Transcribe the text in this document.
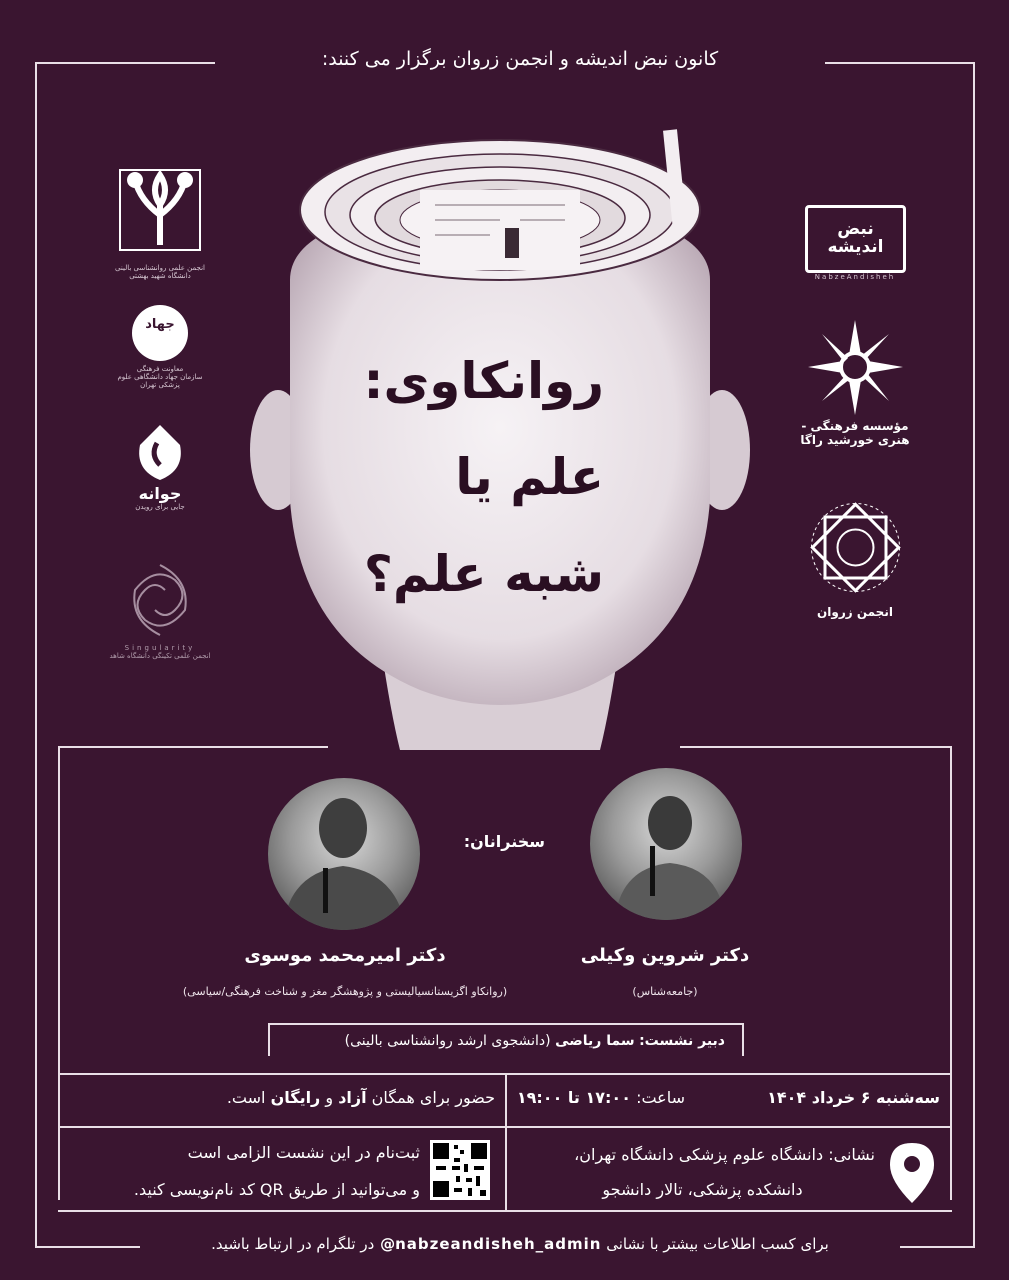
کانون نبض اندیشه و انجمن زروان برگزار می کنند:
روانکاوی:
علم یا
شبه علم؟
انجمن علمی روانشناسی بالینی دانشگاه شهید بهشتی
جهاد
معاونت فرهنگی
سازمان جهاد دانشگاهی علوم پزشکی تهران
جوانه
جایی برای رویدن
Singularity
انجمن علمی تکینگی دانشگاه شاهد
نبض اندیشه
NabzeAndisheh
مؤسسه فرهنگی - هنری خورشید راگا
انجمن زروان
سخنرانان:
دکتر شروین وکیلی
(جامعه‌شناس)
دکتر امیرمحمد موسوی
(روانکاو اگزیستانسیالیستی و پژوهشگر مغز و شناخت فرهنگی/سیاسی)
دبیر نشست: سما ریاضی (دانشجوی ارشد روانشناسی بالینی)
سه‌شنبه ۶ خرداد ۱۴۰۴
ساعت: ۱۷:۰۰ تا ۱۹:۰۰
حضور برای همگان آزاد و رایگان است.
نشانی: دانشگاه علوم پزشکی دانشگاه تهران،
دانشکده پزشکی، تالار دانشجو
ثبت‌نام در این نشست الزامی است
و می‌توانید از طریق QR کد نام‌نویسی کنید.
برای کسب اطلاعات بیشتر با نشانی @nabzeandisheh_admin در تلگرام در ارتباط باشید.
